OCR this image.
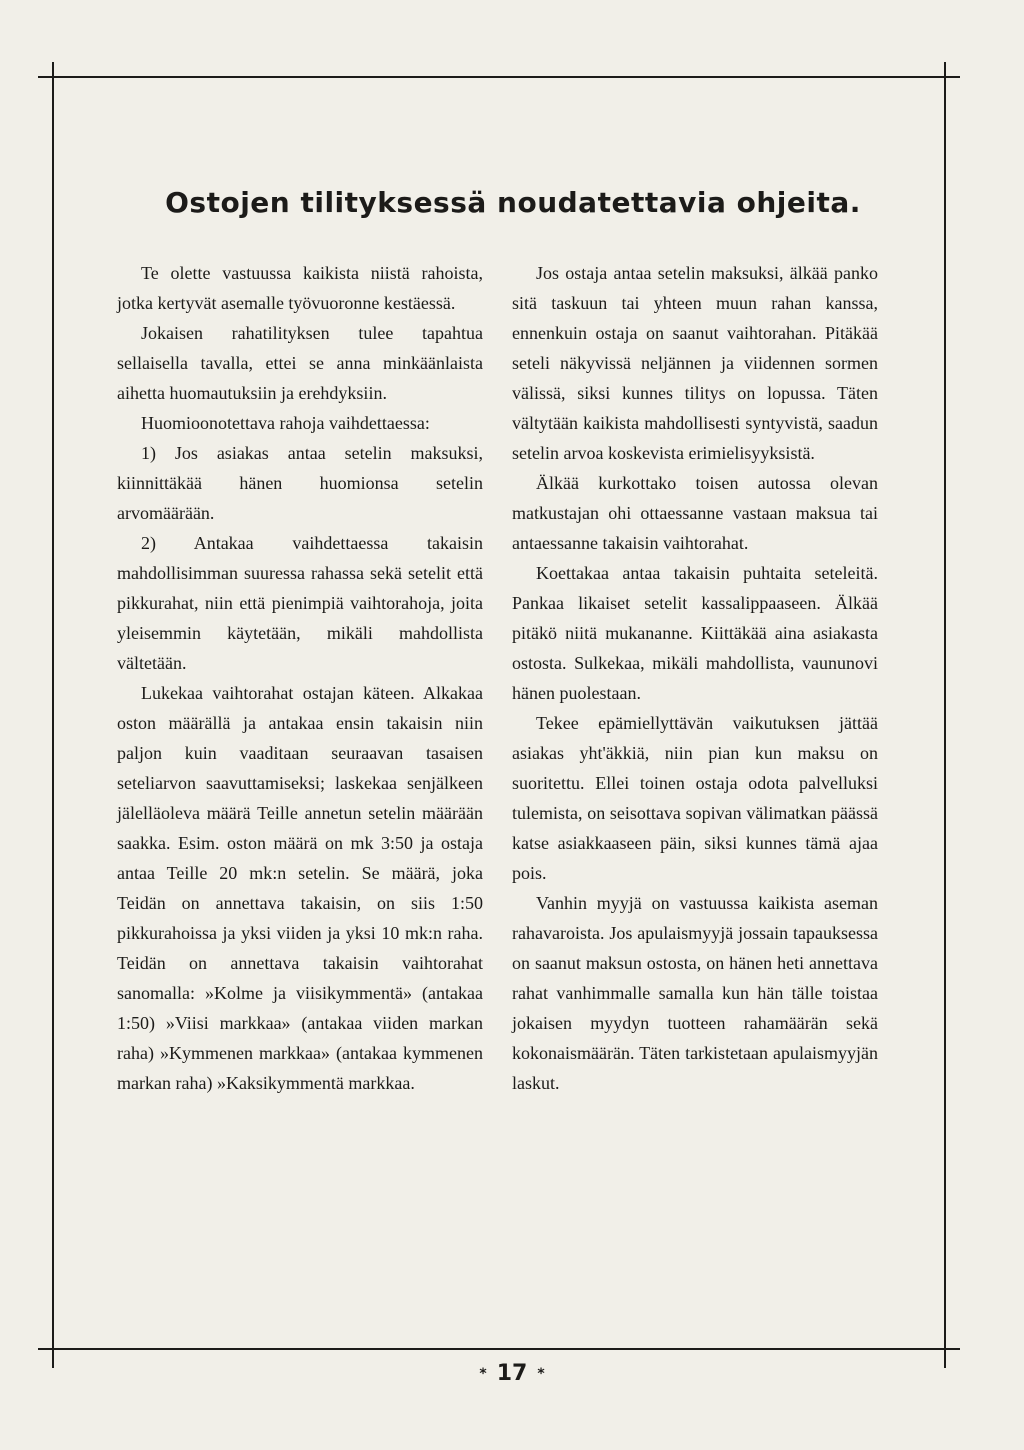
Ostojen tilityksessä noudatettavia ohjeita.

Te olette vastuussa kaikista niistä rahoista, jotka kertyvät asemalle työvuoronne kestäessä.

Jokaisen rahatilityksen tulee tapahtua sellaisella tavalla, ettei se anna minkäänlaista aihetta huomautuksiin ja erehdyksiin.

Huomioonotettava rahoja vaihdettaessa:

1) Jos asiakas antaa setelin maksuksi, kiinnittäkää hänen huomionsa setelin arvomäärään.

2) Antakaa vaihdettaessa takaisin mahdollisimman suuressa rahassa sekä setelit että pikkurahat, niin että pienimpiä vaihtorahoja, joita yleisemmin käytetään, mikäli mahdollista vältetään.

Lukekaa vaihtorahat ostajan käteen. Alkakaa oston määrällä ja antakaa ensin takaisin niin paljon kuin vaaditaan seuraavan tasaisen seteliarvon saavuttamiseksi; laskekaa senjälkeen jälelläoleva määrä Teille annetun setelin määrään saakka. Esim. oston määrä on mk 3:50 ja ostaja antaa Teille 20 mk:n setelin. Se määrä, joka Teidän on annettava takaisin, on siis 1:50 pikkurahoissa ja yksi viiden ja yksi 10 mk:n raha. Teidän on annettava takaisin vaihtorahat sanomalla: »Kolme ja viisikymmentä» (antakaa 1:50) »Viisi markkaa» (antakaa viiden markan raha) »Kymmenen markkaa» (antakaa kymmenen markan raha) »Kaksikymmentä markkaa.

Jos ostaja antaa setelin maksuksi, älkää panko sitä taskuun tai yhteen muun rahan kanssa, ennenkuin ostaja on saanut vaihtorahan. Pitäkää seteli näkyvissä neljännen ja viidennen sormen välissä, siksi kunnes tilitys on lopussa. Täten vältytään kaikista mahdollisesti syntyvistä, saadun setelin arvoa koskevista erimielisyyksistä.

Älkää kurkottako toisen autossa olevan matkustajan ohi ottaessanne vastaan maksua tai antaessanne takaisin vaihtorahat.

Koettakaa antaa takaisin puhtaita seteleitä. Pankaa likaiset setelit kassalippaaseen. Älkää pitäkö niitä mukananne. Kiittäkää aina asiakasta ostosta. Sulkekaa, mikäli mahdollista, vaununovi hänen puolestaan.

Tekee epämiellyttävän vaikutuksen jättää asiakas yht'äkkiä, niin pian kun maksu on suoritettu. Ellei toinen ostaja odota palvelluksi tulemista, on seisottava sopivan välimatkan päässä katse asiakkaaseen päin, siksi kunnes tämä ajaa pois.

Vanhin myyjä on vastuussa kaikista aseman rahavaroista. Jos apulaismyyjä jossain tapauksessa on saanut maksun ostosta, on hänen heti annettava rahat vanhimmalle samalla kun hän tälle toistaa jokaisen myydyn tuotteen rahamäärän sekä kokonaismäärän. Täten tarkistetaan apulaismyyjän laskut.

* 17 *
